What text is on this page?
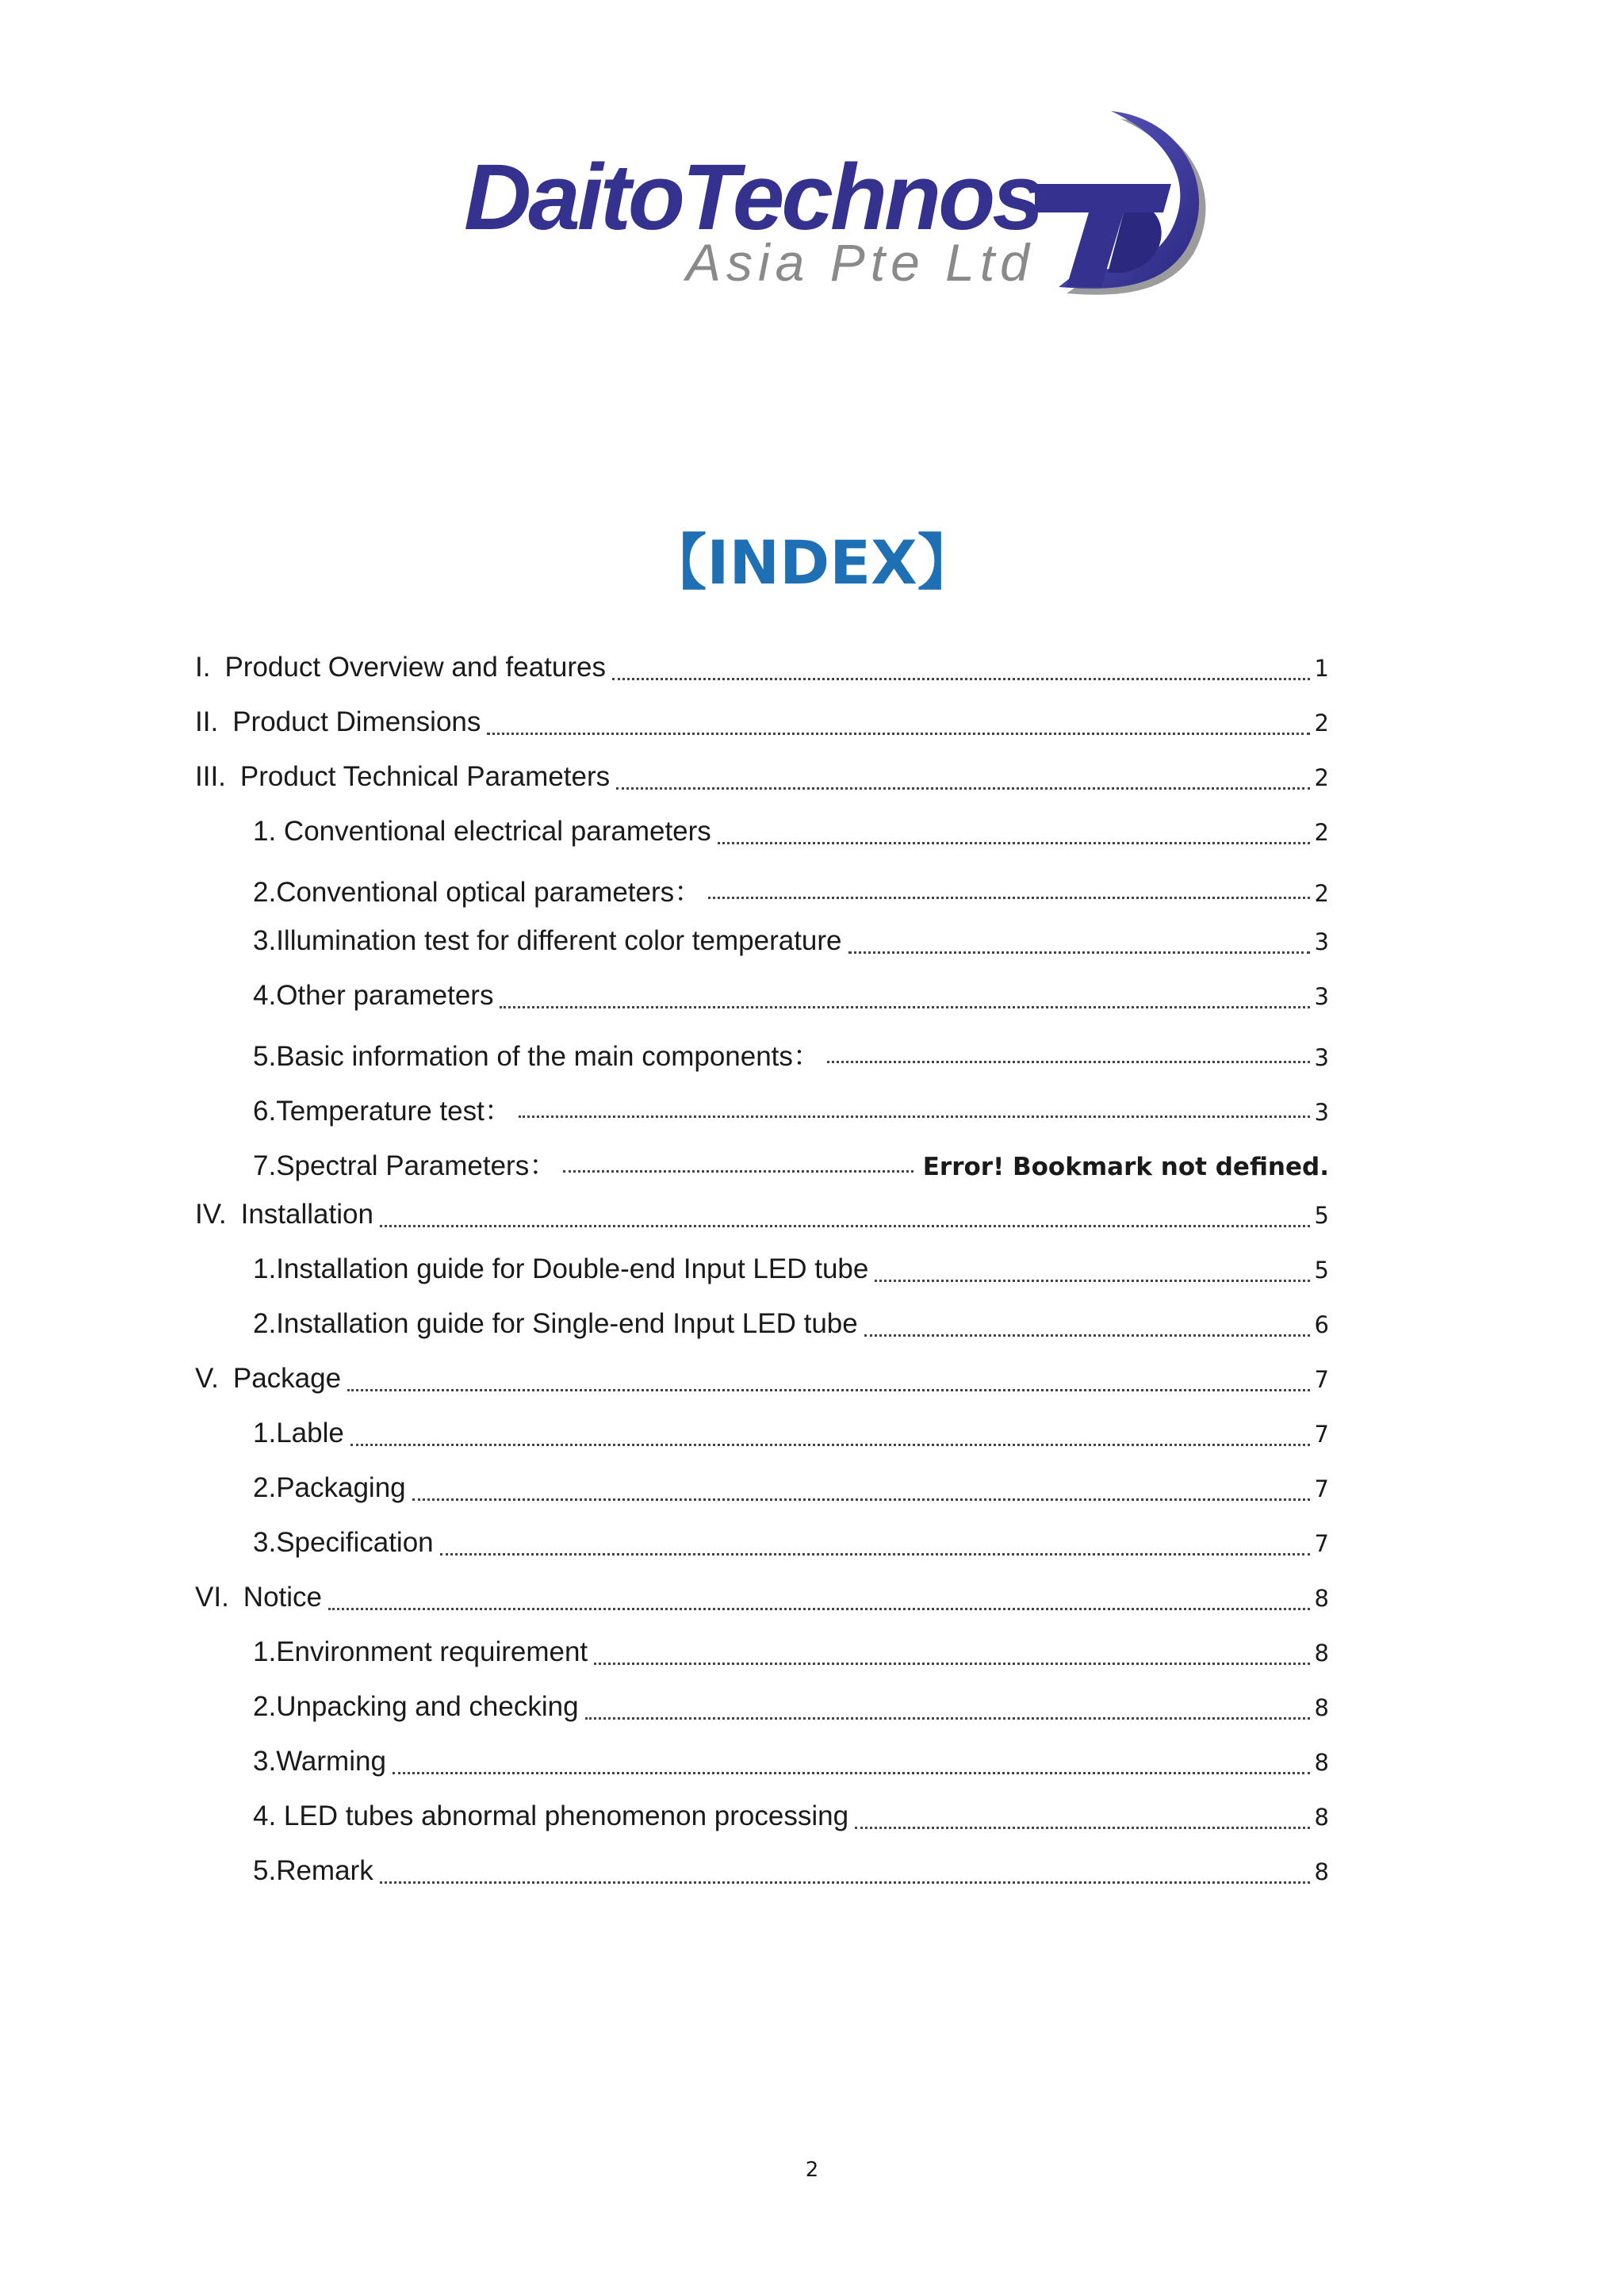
DaitoTechnos
Asia Pte Ltd
【INDEX】
I. Product Overview and features	1
II. Product Dimensions	2
III. Product Technical Parameters	2
1. Conventional electrical parameters	2
2.Conventional optical parameters：	2
3.Illumination test for different color temperature	3
4.Other parameters	3
5.Basic information of the main components：	3
6.Temperature test：	3
7.Spectral Parameters：	Error! Bookmark not defined.
IV. Installation	5
1.Installation guide for Double-end Input LED tube	5
2.Installation guide for Single-end Input LED tube	6
V. Package	7
1.Lable	7
2.Packaging	7
3.Specification	7
VI. Notice	8
1.Environment requirement	8
2.Unpacking and checking	8
3.Warming	8
4. LED tubes abnormal phenomenon processing	8
5.Remark	8
2
